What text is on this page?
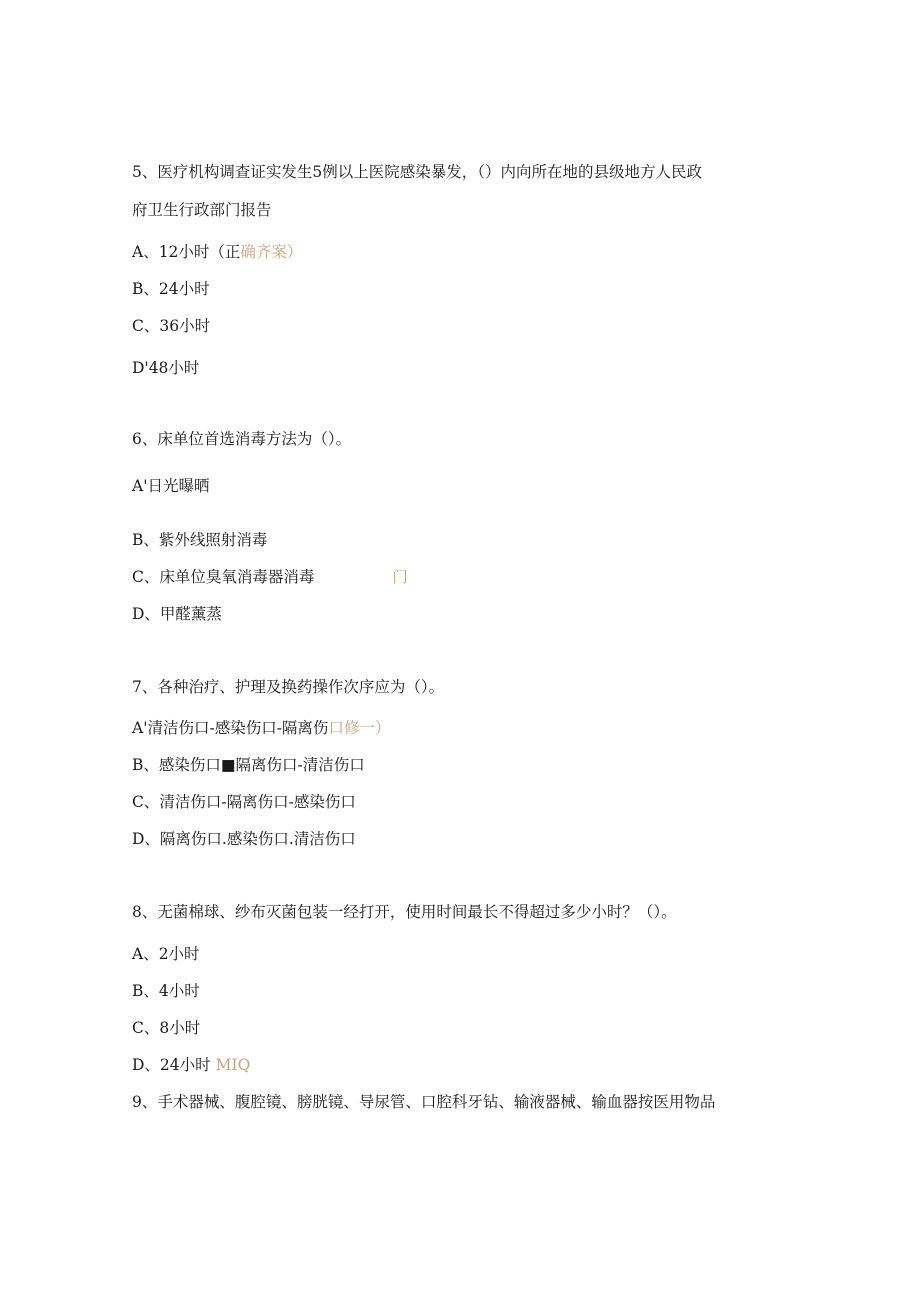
5、医疗机构调查证实发生5例以上医院感染暴发，（）内向所在地的县级地方人民政
府卫生行政部门报告
A、12小时（正确齐案）
B、24小时
C、36小时
D'48小时
6、床单位首选消毒方法为（）。
A'日光曝晒
B、紫外线照射消毒
C、床单位臭氧消毒器消毒	门
D、甲醛薰蒸
7、各种治疗、护理及换药操作次序应为（）。
A'清洁伤口-感染伤口-隔离伤口修一）
B、感染伤口■隔离伤口-清洁伤口
C、清洁伤口-隔离伤口-感染伤口
D、隔离伤口.感染伤口.清洁伤口
8、无菌棉球、纱布灭菌包装一经打开，使用时间最长不得超过多少小时？（）。
A、2小时
B、4小时
C、8小时
D、24小时 MIQ
9、手术器械、腹腔镜、膀胱镜、导尿管、口腔科牙钻、输液器械、输血器按医用物品
